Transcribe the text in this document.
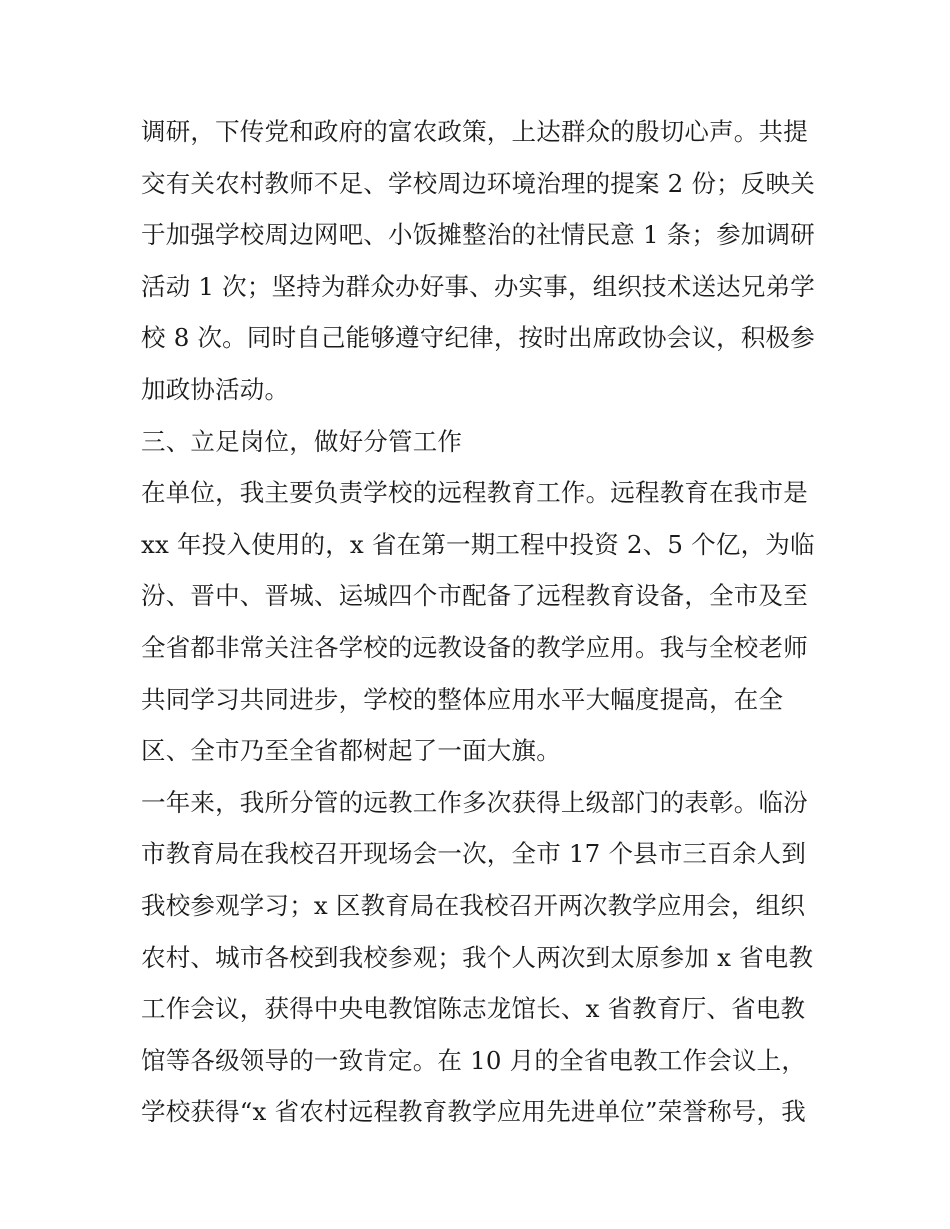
调研，下传党和政府的富农政策，上达群众的殷切心声。共提
交有关农村教师不足、学校周边环境治理的提案 2 份；反映关
于加强学校周边网吧、小饭摊整治的社情民意 1 条；参加调研
活动 1 次；坚持为群众办好事、办实事，组织技术送达兄弟学
校 8 次。同时自己能够遵守纪律，按时出席政协会议，积极参
加政协活动。
三、立足岗位，做好分管工作
在单位，我主要负责学校的远程教育工作。远程教育在我市是
xx 年投入使用的，x 省在第一期工程中投资 2、5 个亿，为临
汾、晋中、晋城、运城四个市配备了远程教育设备，全市及至
全省都非常关注各学校的远教设备的教学应用。我与全校老师
共同学习共同进步，学校的整体应用水平大幅度提高，在全
区、全市乃至全省都树起了一面大旗。
一年来，我所分管的远教工作多次获得上级部门的表彰。临汾
市教育局在我校召开现场会一次，全市 17 个县市三百余人到
我校参观学习；x 区教育局在我校召开两次教学应用会，组织
农村、城市各校到我校参观；我个人两次到太原参加 x 省电教
工作会议，获得中央电教馆陈志龙馆长、x 省教育厅、省电教
馆等各级领导的一致肯定。在 10 月的全省电教工作会议上，
学校获得“x 省农村远程教育教学应用先进单位”荣誉称号，我
